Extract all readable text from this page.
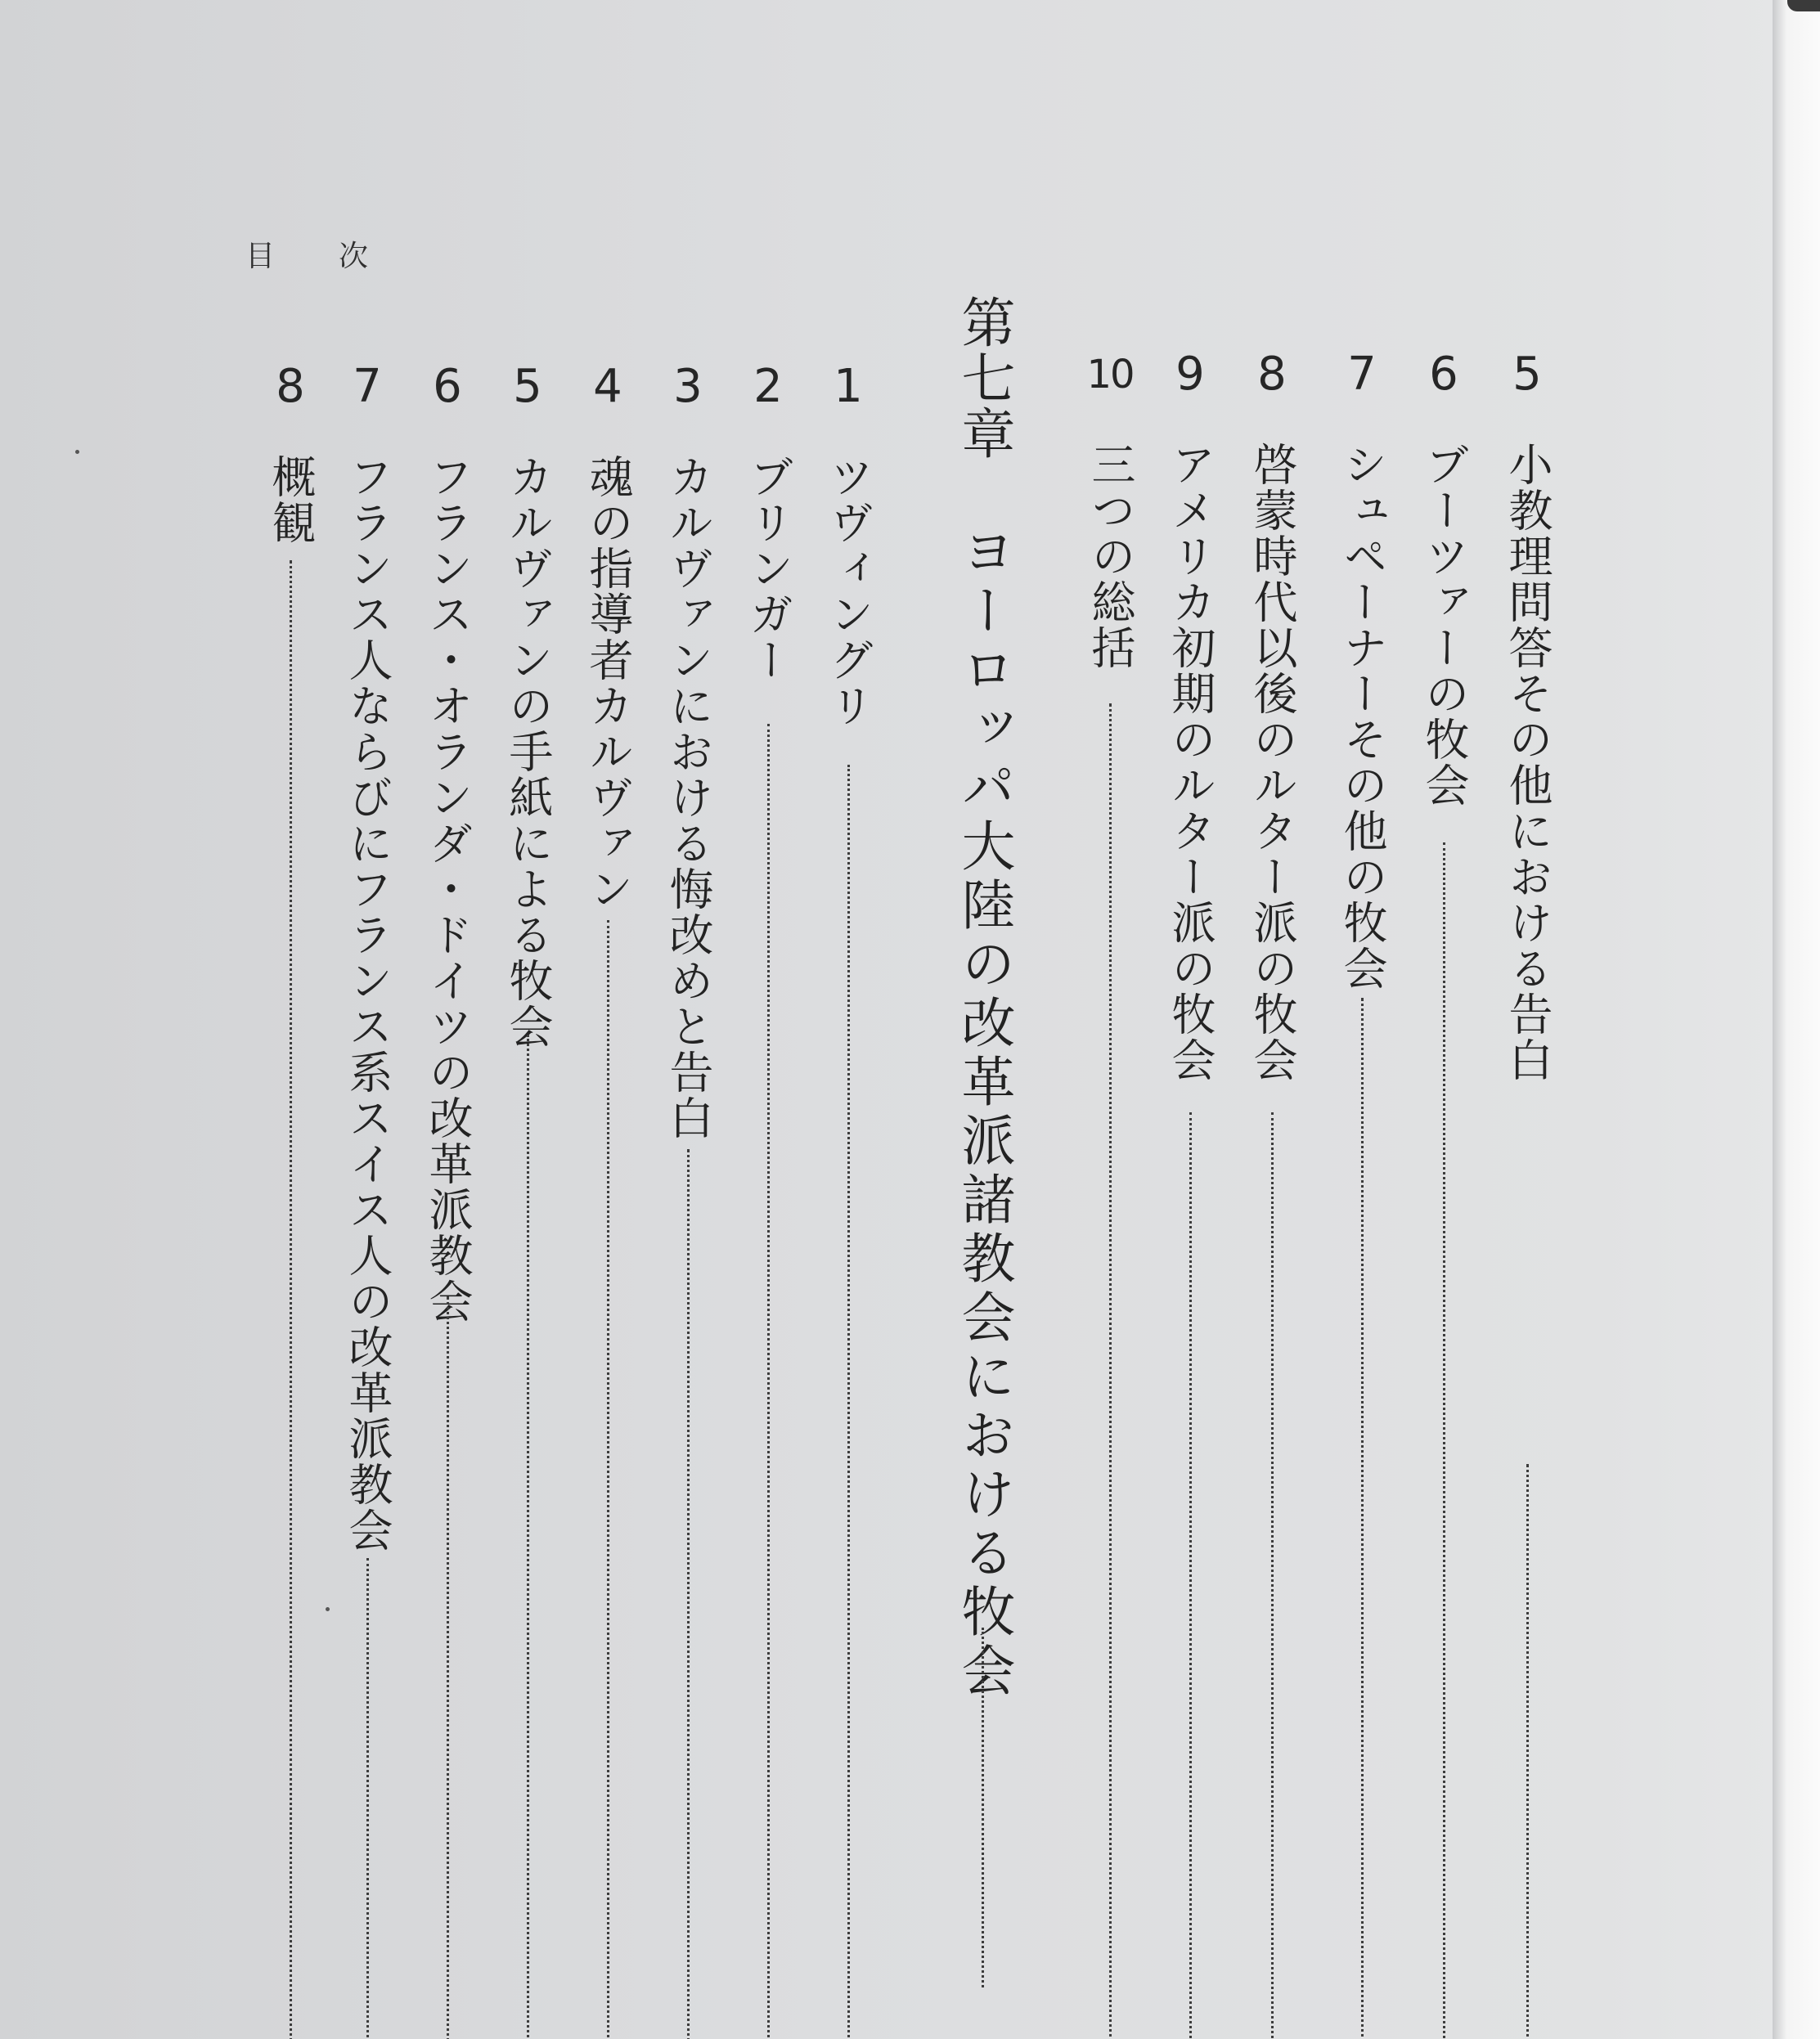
目次
5
小教理問答その他における告白
6
ブーツァーの牧会
7
シュペーナーその他の牧会
8
啓蒙時代以後のルター派の牧会
9
アメリカ初期のルター派の牧会
10
三つの総括
第七章
ヨーロッパ大陸の改革派諸教会における牧会
1
ツヴィングリ
2
ブリンガー
3
カルヴァンにおける悔改めと告白
4
魂の指導者カルヴァン
5
カルヴァンの手紙による牧会
6
フランス・オランダ・ドイツの改革派教会
7
フランス人ならびにフランス系スイス人の改革派教会
8
概観
